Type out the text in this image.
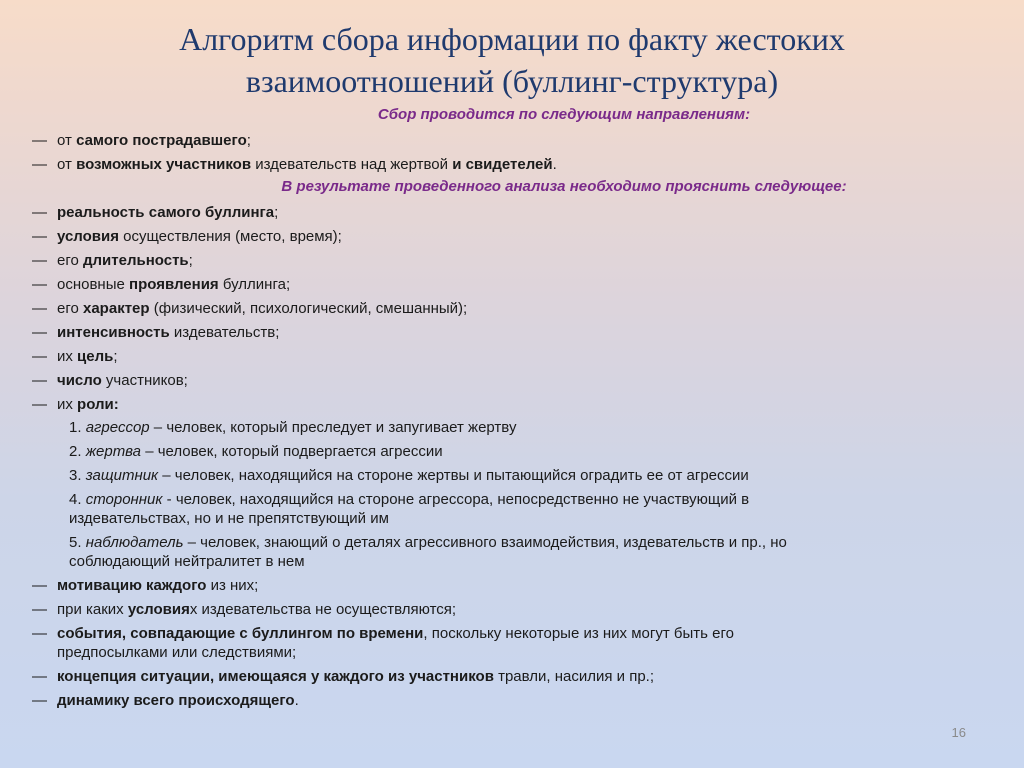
Алгоритм сбора информации по факту жестоких
взаимоотношений (буллинг-структура)
Сбор проводится по следующим направлениям:
— от самого пострадавшего;
— от возможных участников издевательств над жертвой и свидетелей.
В результате проведенного анализа необходимо прояснить следующее:
— реальность самого буллинга;
— условия осуществления (место, время);
— его длительность;
— основные проявления буллинга;
— его характер (физический, психологический, смешанный);
— интенсивность издевательств;
— их цель;
— число участников;
— их роли:
1. агрессор – человек, который преследует и запугивает жертву
2. жертва – человек, который подвергается агрессии
3. защитник – человек, находящийся на стороне жертвы и пытающийся оградить ее от агрессии
4. сторонник - человек, находящийся на стороне агрессора, непосредственно не участвующий в
издевательствах, но и не препятствующий им
5. наблюдатель – человек, знающий о деталях агрессивного взаимодействия, издевательств и пр., но
соблюдающий нейтралитет в нем
— мотивацию каждого из них;
— при каких условиях издевательства не осуществляются;
— события, совпадающие с буллингом по времени, поскольку некоторые из них могут быть его
предпосылками или следствиями;
— концепция ситуации, имеющаяся у каждого из участников травли, насилия и пр.;
— динамику всего происходящего.
16
